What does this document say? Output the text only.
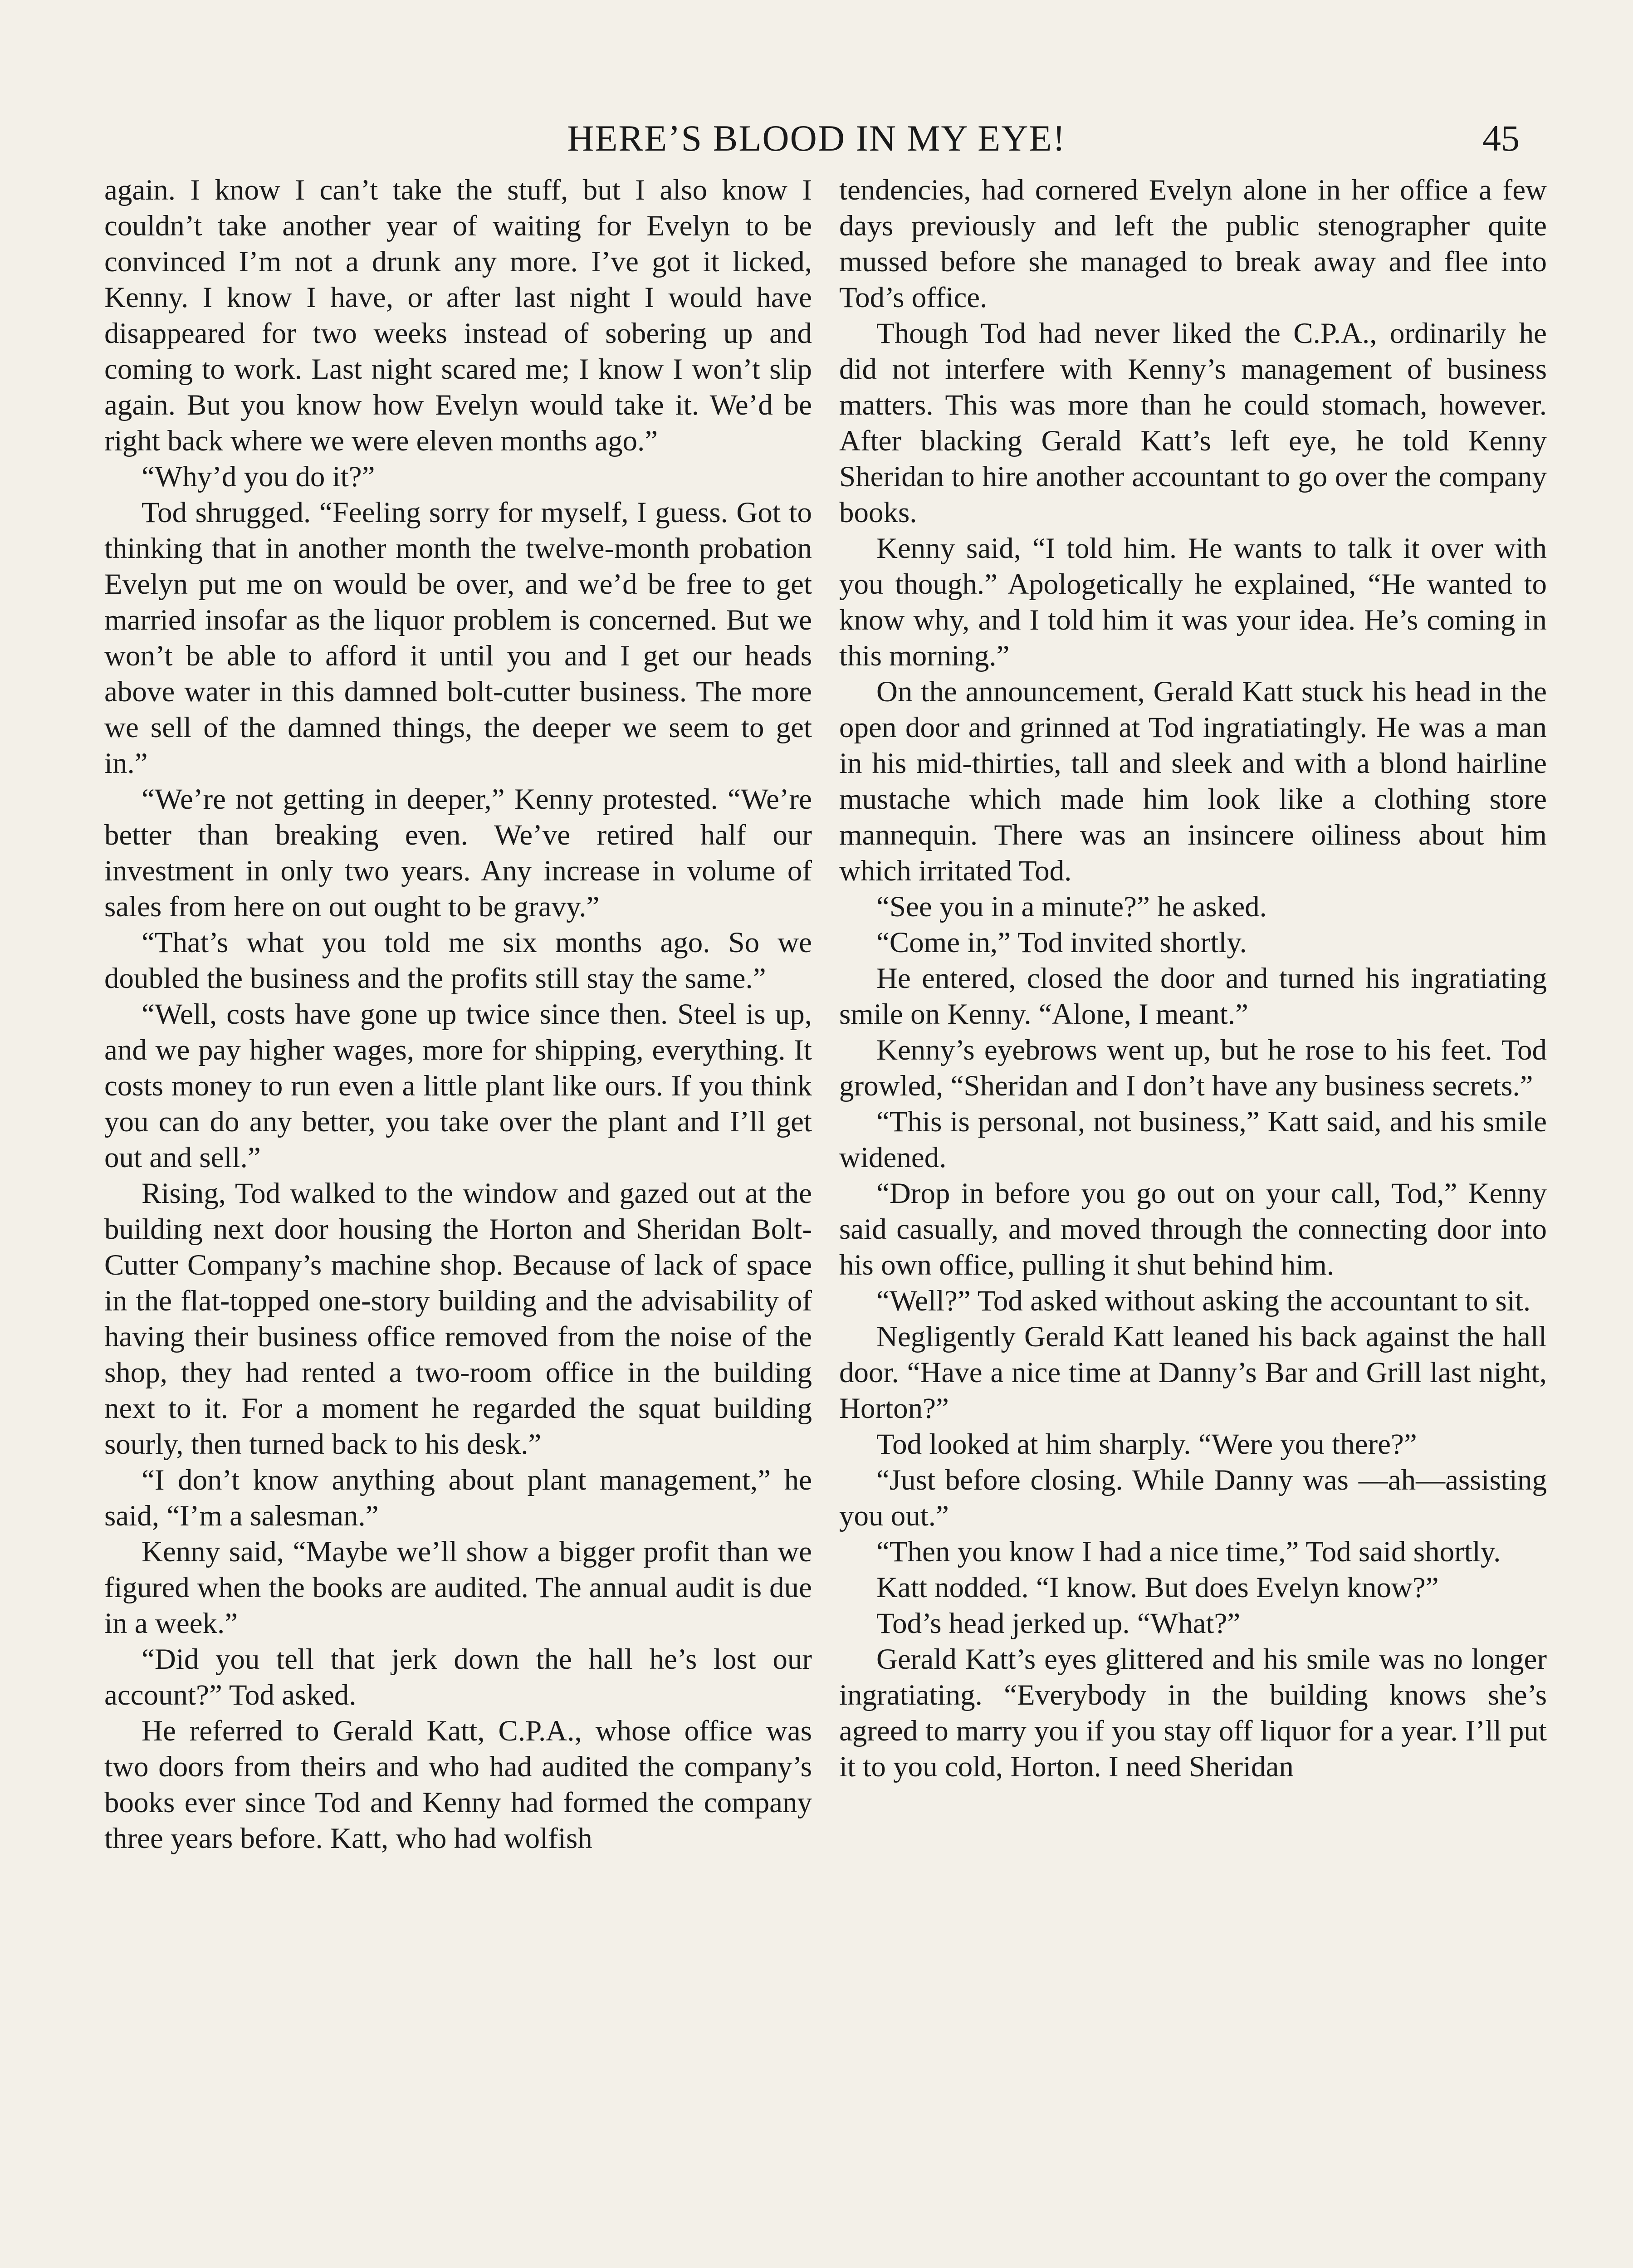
HERE’S BLOOD IN MY EYE!	45

again. I know I can’t take the stuff, but I also know I couldn’t take another year of waiting for Evelyn to be convinced I’m not a drunk any more. I’ve got it licked, Kenny. I know I have, or after last night I would have disappeared for two weeks instead of sobering up and coming to work. Last night scared me; I know I won’t slip again. But you know how Evelyn would take it. We’d be right back where we were eleven months ago.”

“Why’d you do it?”

Tod shrugged. “Feeling sorry for myself, I guess. Got to thinking that in another month the twelve-month probation Evelyn put me on would be over, and we’d be free to get married insofar as the liquor problem is concerned. But we won’t be able to afford it until you and I get our heads above water in this damned bolt-cutter business. The more we sell of the damned things, the deeper we seem to get in.”

“We’re not getting in deeper,” Kenny protested. “We’re better than breaking even. We’ve retired half our investment in only two years. Any increase in volume of sales from here on out ought to be gravy.”

“That’s what you told me six months ago. So we doubled the business and the profits still stay the same.”

“Well, costs have gone up twice since then. Steel is up, and we pay higher wages, more for shipping, everything. It costs money to run even a little plant like ours. If you think you can do any better, you take over the plant and I’ll get out and sell.”

Rising, Tod walked to the window and gazed out at the building next door housing the Horton and Sheridan Bolt-Cutter Company’s machine shop. Because of lack of space in the flat-topped one-story building and the advisability of having their business office removed from the noise of the shop, they had rented a two-room office in the building next to it. For a moment he regarded the squat building sourly, then turned back to his desk.”

“I don’t know anything about plant management,” he said, “I’m a salesman.”

Kenny said, “Maybe we’ll show a bigger profit than we figured when the books are audited. The annual audit is due in a week.”

“Did you tell that jerk down the hall he’s lost our account?” Tod asked.

He referred to Gerald Katt, C.P.A., whose office was two doors from theirs and who had audited the company’s books ever since Tod and Kenny had formed the company three years before. Katt, who had wolfish

tendencies, had cornered Evelyn alone in her office a few days previously and left the public stenographer quite mussed before she managed to break away and flee into Tod’s office.

Though Tod had never liked the C.P.A., ordinarily he did not interfere with Kenny’s management of business matters. This was more than he could stomach, however. After blacking Gerald Katt’s left eye, he told Kenny Sheridan to hire another accountant to go over the company books.

Kenny said, “I told him. He wants to talk it over with you though.” Apologetically he explained, “He wanted to know why, and I told him it was your idea. He’s coming in this morning.”

On the announcement, Gerald Katt stuck his head in the open door and grinned at Tod ingratiatingly. He was a man in his mid-thirties, tall and sleek and with a blond hairline mustache which made him look like a clothing store mannequin. There was an insincere oiliness about him which irritated Tod.

“See you in a minute?” he asked.

“Come in,” Tod invited shortly.

He entered, closed the door and turned his ingratiating smile on Kenny. “Alone, I meant.”

Kenny’s eyebrows went up, but he rose to his feet. Tod growled, “Sheridan and I don’t have any business secrets.”

“This is personal, not business,” Katt said, and his smile widened.

“Drop in before you go out on your call, Tod,” Kenny said casually, and moved through the connecting door into his own office, pulling it shut behind him.

“Well?” Tod asked without asking the accountant to sit.

Negligently Gerald Katt leaned his back against the hall door. “Have a nice time at Danny’s Bar and Grill last night, Horton?”

Tod looked at him sharply. “Were you there?”

“Just before closing. While Danny was —ah—assisting you out.”

“Then you know I had a nice time,” Tod said shortly.

Katt nodded. “I know. But does Evelyn know?”

Tod’s head jerked up. “What?”

Gerald Katt’s eyes glittered and his smile was no longer ingratiating. “Everybody in the building knows she’s agreed to marry you if you stay off liquor for a year. I’ll put it to you cold, Horton. I need Sheridan
